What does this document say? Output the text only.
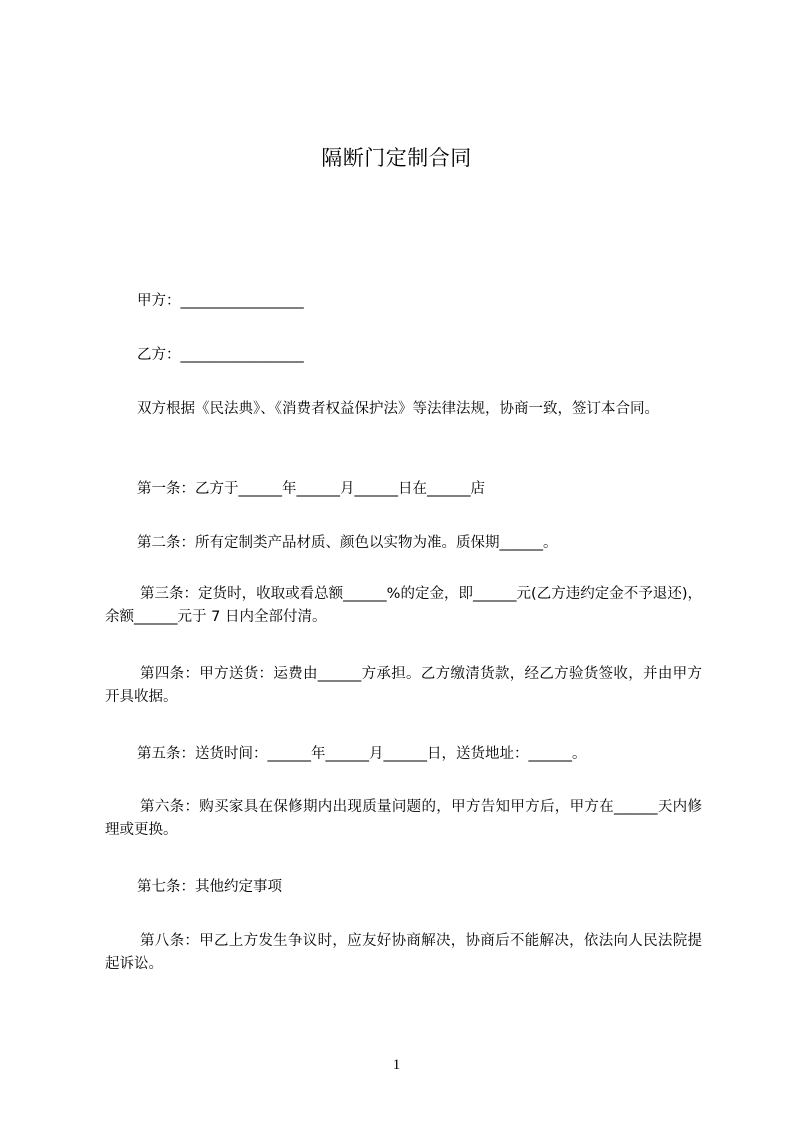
隔断门定制合同
甲方：_________________
乙方：_________________
双方根据《民法典》、《消费者权益保护法》等法律法规，协商一致，签订本合同。
第一条：乙方于______年______月______日在______店
第二条：所有定制类产品材质、颜色以实物为准。质保期______。
第三条：定货时，收取或看总额______%的定金，即______元(乙方违约定金不予退还)，余额______元于 7 日内全部付清。
第四条：甲方送货：运费由______方承担。乙方缴清货款，经乙方验货签收，并由甲方开具收据。
第五条：送货时间：______年______月______日，送货地址：______。
第六条：购买家具在保修期内出现质量问题的，甲方告知甲方后，甲方在______天内修理或更换。
第七条：其他约定事项
第八条：甲乙上方发生争议时，应友好协商解决，协商后不能解决，依法向人民法院提起诉讼。
1
